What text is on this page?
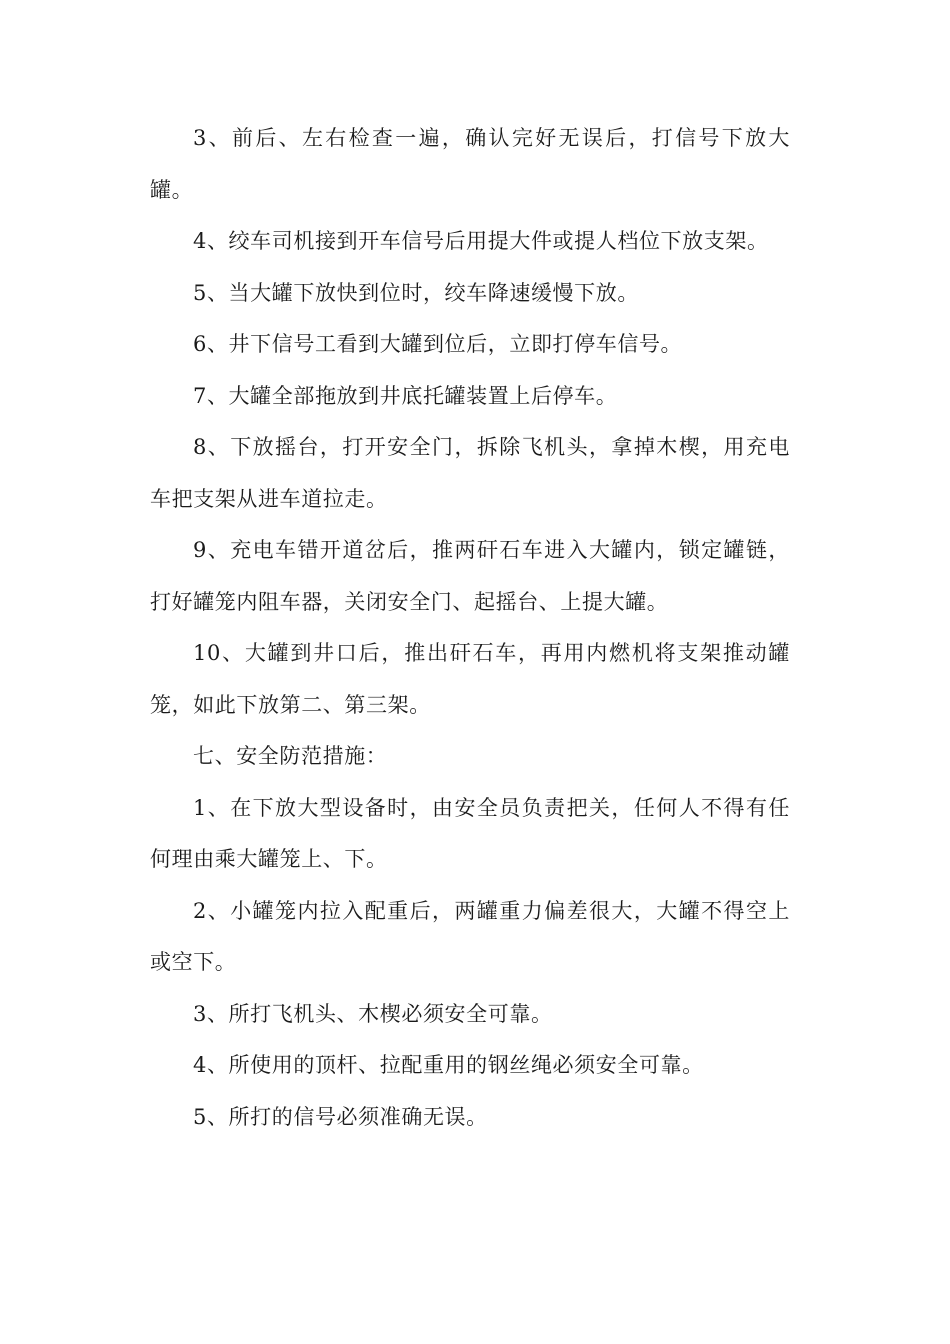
3、前后、左右检查一遍，确认完好无误后，打信号下放大罐。

4、绞车司机接到开车信号后用提大件或提人档位下放支架。

5、当大罐下放快到位时，绞车降速缓慢下放。

6、井下信号工看到大罐到位后，立即打停车信号。

7、大罐全部拖放到井底托罐装置上后停车。

8、下放摇台，打开安全门，拆除飞机头，拿掉木楔，用充电车把支架从进车道拉走。

9、充电车错开道岔后，推两矸石车进入大罐内，锁定罐链，打好罐笼内阻车器，关闭安全门、起摇台、上提大罐。

10、大罐到井口后，推出矸石车，再用内燃机将支架推动罐笼，如此下放第二、第三架。

七、安全防范措施：

1、在下放大型设备时，由安全员负责把关，任何人不得有任何理由乘大罐笼上、下。

2、小罐笼内拉入配重后，两罐重力偏差很大，大罐不得空上或空下。

3、所打飞机头、木楔必须安全可靠。

4、所使用的顶杆、拉配重用的钢丝绳必须安全可靠。

5、所打的信号必须准确无误。
